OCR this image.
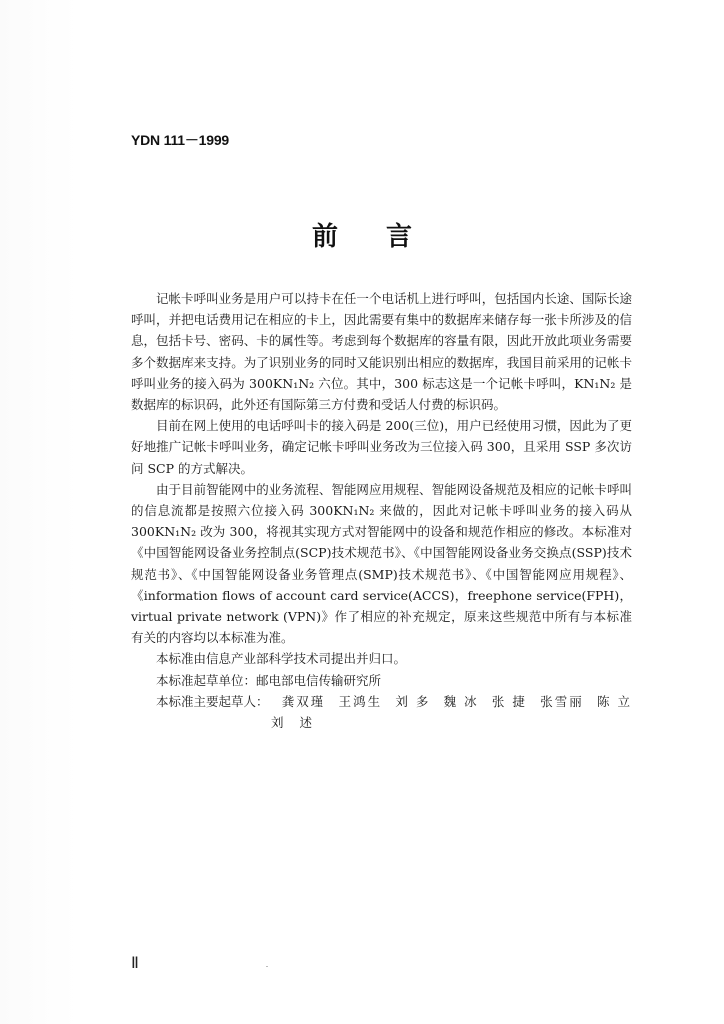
YDN 111－1999
前言

记帐卡呼叫业务是用户可以持卡在任一个电话机上进行呼叫，包括国内长途、国际长途呼叫，并把电话费用记在相应的卡上，因此需要有集中的数据库来储存每一张卡所涉及的信息，包括卡号、密码、卡的属性等。考虑到每个数据库的容量有限，因此开放此项业务需要多个数据库来支持。为了识别业务的同时又能识别出相应的数据库，我国目前采用的记帐卡呼叫业务的接入码为 300KN₁N₂ 六位。其中，300 标志这是一个记帐卡呼叫，KN₁N₂ 是数据库的标识码，此外还有国际第三方付费和受话人付费的标识码。

目前在网上使用的电话呼叫卡的接入码是 200(三位)，用户已经使用习惯，因此为了更好地推广记帐卡呼叫业务，确定记帐卡呼叫业务改为三位接入码 300，且采用 SSP 多次访问 SCP 的方式解决。

由于目前智能网中的业务流程、智能网应用规程、智能网设备规范及相应的记帐卡呼叫的信息流都是按照六位接入码 300KN₁N₂ 来做的，因此对记帐卡呼叫业务的接入码从 300KN₁N₂ 改为 300，将视其实现方式对智能网中的设备和规范作相应的修改。本标准对《中国智能网设备业务控制点(SCP)技术规范书》、《中国智能网设备业务交换点(SSP)技术规范书》、《中国智能网设备业务管理点(SMP)技术规范书》、《中国智能网应用规程》、《information flows of account card service(ACCS)，freephone service(FPH)，virtual private network (VPN)》作了相应的补充规定，原来这些规范中所有与本标准有关的内容均以本标准为准。

本标准由信息产业部科学技术司提出并归口。

本标准起草单位：邮电部电信传输研究所

本标准主要起草人： 龚双瑾 王鸿生 刘 多 魏 冰 张 捷 张雪丽 陈 立
刘 述
Ⅱ
